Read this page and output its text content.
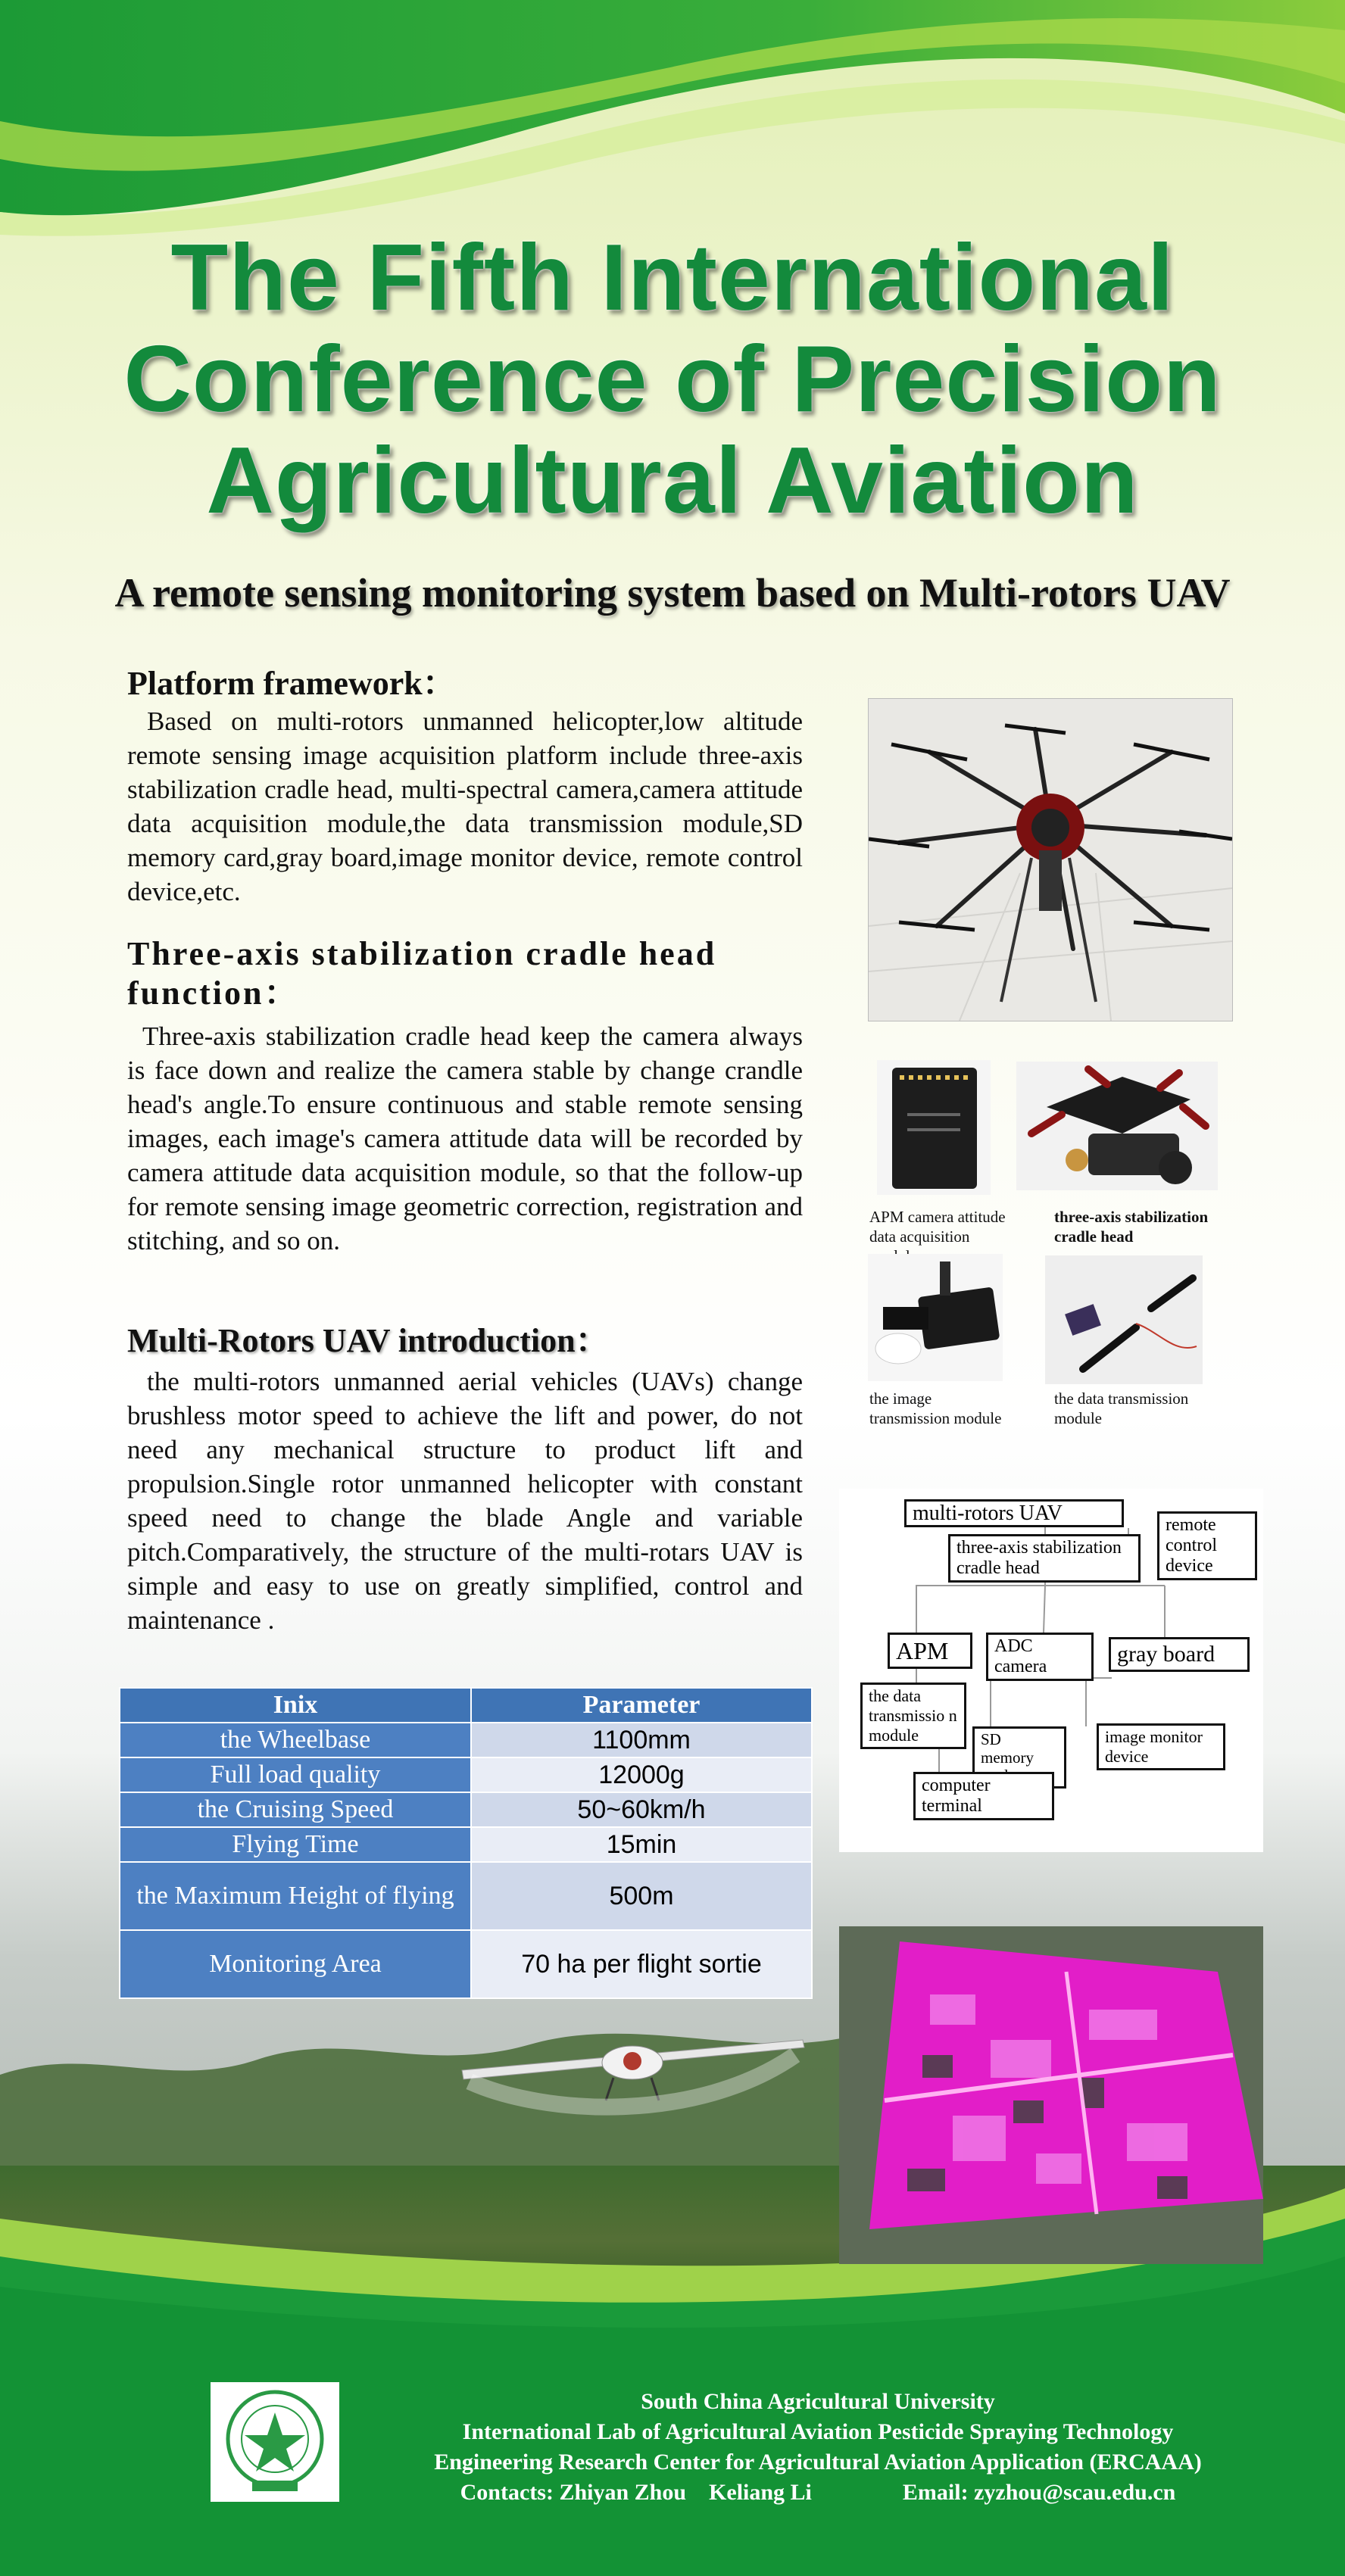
The Fifth International
Conference of Precision
Agricultural Aviation
A remote sensing monitoring system based on Multi-rotors UAV
Platform framework：

Based on multi-rotors unmanned helicopter,low altitude remote sensing image acquisition platform include three-axis stabilization cradle head, multi-spectral camera,camera attitude data acquisition module,the data transmission module,SD memory card,gray board,image monitor device, remote control device,etc.

Three-axis stabilization cradle head function：

Three-axis stabilization cradle head keep the camera always is face down and realize the camera stable by change crandle head's angle.To ensure continuous and stable remote sensing images, each image's camera attitude data will be recorded by camera attitude data acquisition module, so that the follow-up for remote sensing image geometric correction, registration and stitching, and so on.

Multi-Rotors UAV introduction：

the multi-rotors unmanned aerial vehicles (UAVs) change brushless motor speed to achieve the lift and power, do not need any mechanical structure to product lift and propulsion.Single rotor unmanned helicopter with constant speed need to change the blade Angle and variable pitch.Comparatively, the structure of the multi-rotars UAV is simple and easy to use on greatly simplified, control and maintenance .

Inix	Parameter
the Wheelbase	1100mm
Full load quality	12000g
the Cruising Speed	50~60km/h
Flying Time	15min
the Maximum Height of flying	500m
Monitoring Area	70 ha per flight sortie
APM camera attitude data acquisition
three-axis stabilization cradle head
the image transmission module
the data transmission module
multi-rotors UAV	remote control device
three-axis stabilization cradle head
APM	ADC camera	gray board
the data transmissio n module	SD memory
image monitor device
computer terminal
South China Agricultural University
International Lab of Agricultural Aviation Pesticide Spraying Technology
Engineering Research Center for Agricultural Aviation Application (ERCAAA)
Contacts: Zhiyan Zhou    Keliang Li	Email: zyzhou@scau.edu.cn
